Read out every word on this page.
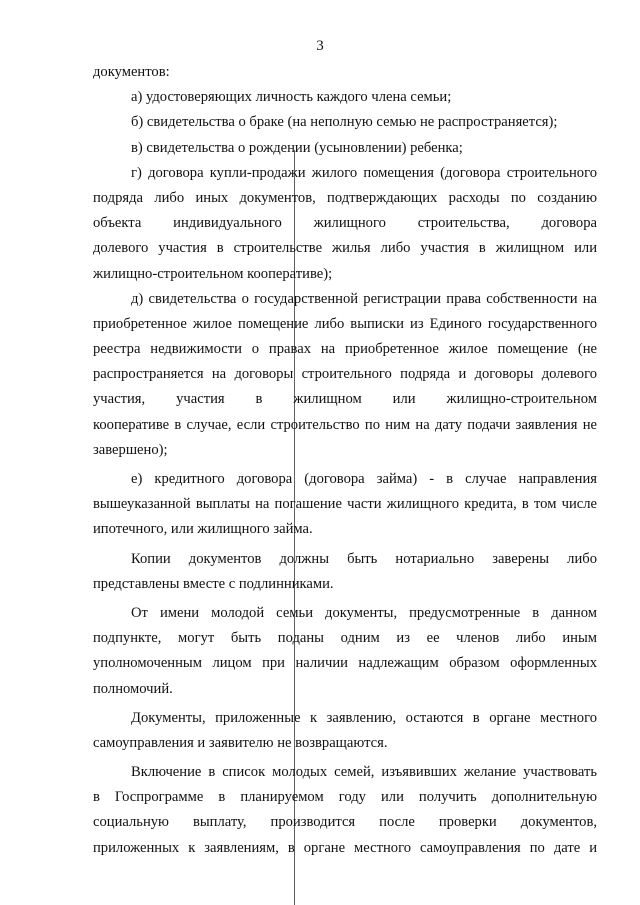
3
документов:
а) удостоверяющих личность каждого члена семьи;
б) свидетельства о браке (на неполную семью не распространяется);
в) свидетельства о рождении (усыновлении) ребенка;
г) договора купли-продажи жилого помещения (договора строительного
подряда либо иных документов, подтверждающих расходы по созданию
объекта индивидуального жилищного строительства, договора
долевого участия в строительстве жилья либо участия в жилищном или
жилищно-строительном кооперативе);
д) свидетельства о государственной регистрации права собственности на
приобретенное жилое помещение либо выписки из Единого государственного
реестра недвижимости о правах на приобретенное жилое помещение (не
распространяется на договоры строительного подряда и договоры долевого
участия, участия в жилищном или жилищно-строительном
кооперативе в случае, если строительство по ним на дату подачи заявления не
завершено);
е) кредитного договора (договора займа) - в случае направления
вышеуказанной выплаты на погашение части жилищного кредита, в том числе
ипотечного, или жилищного займа.
Копии документов должны быть нотариально заверены либо
представлены вместе с подлинниками.
От имени молодой семьи документы, предусмотренные в данном
подпункте, могут быть поданы одним из ее членов либо иным
уполномоченным лицом при наличии надлежащим образом оформленных
полномочий.
Документы, приложенные к заявлению, остаются в органе местного
самоуправления и заявителю не возвращаются.
Включение в список молодых семей, изъявивших желание участвовать
в Госпрограмме в планируемом году или получить дополнительную
социальную выплату, производится после проверки документов,
приложенных к заявлениям, в органе местного самоуправления по дате и
